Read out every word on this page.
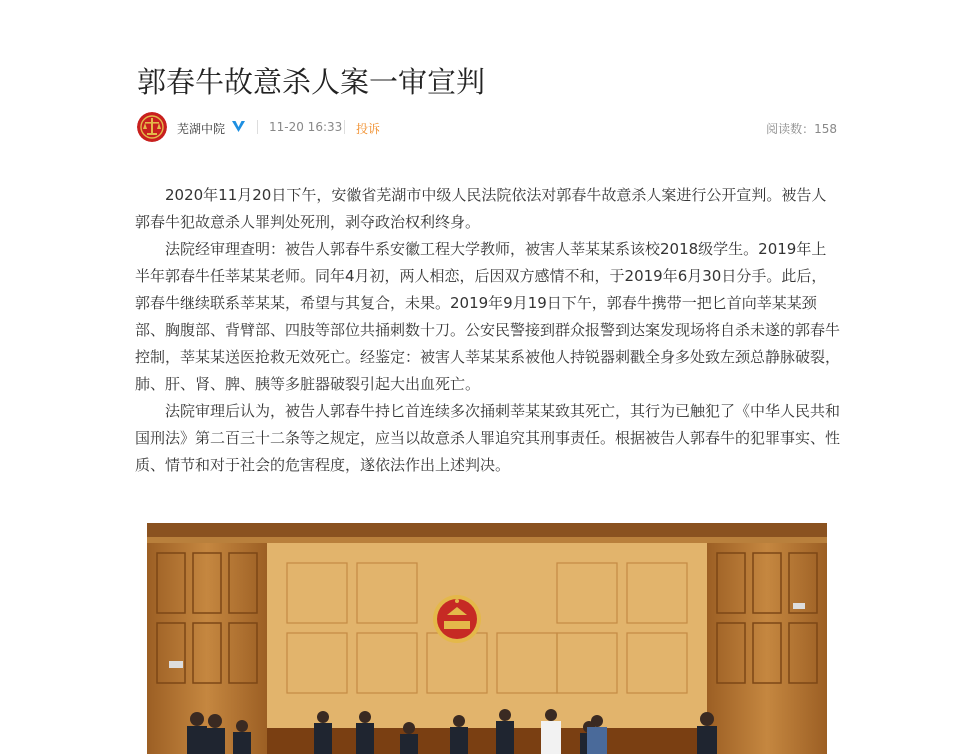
郭春牛故意杀人案一审宣判
芜湖中院	11-20 16:33 投诉	阅读数：158

2020年11月20日下午，安徽省芜湖市中级人民法院依法对郭春牛故意杀人案进行公开宣判。被告人郭春牛犯故意杀人罪判处死刑，剥夺政治权利终身。

法院经审理查明：被告人郭春牛系安徽工程大学教师，被害人莘某某系该校2018级学生。2019年上半年郭春牛任莘某某老师。同年4月初，两人相恋，后因双方感情不和，于2019年6月30日分手。此后，郭春牛继续联系莘某某，希望与其复合，未果。2019年9月19日下午，郭春牛携带一把匕首向莘某某颈部、胸腹部、背臂部、四肢等部位共捅刺数十刀。公安民警接到群众报警到达案发现场将自杀未遂的郭春牛控制，莘某某送医抢救无效死亡。经鉴定：被害人莘某某系被他人持锐器刺戳全身多处致左颈总静脉破裂，肺、肝、肾、脾、胰等多脏器破裂引起大出血死亡。

法院审理后认为，被告人郭春牛持匕首连续多次捅刺莘某某致其死亡，其行为已触犯了《中华人民共和国刑法》第二百三十二条等之规定，应当以故意杀人罪追究其刑事责任。根据被告人郭春牛的犯罪事实、性质、情节和对于社会的危害程度，遂依法作出上述判决。
